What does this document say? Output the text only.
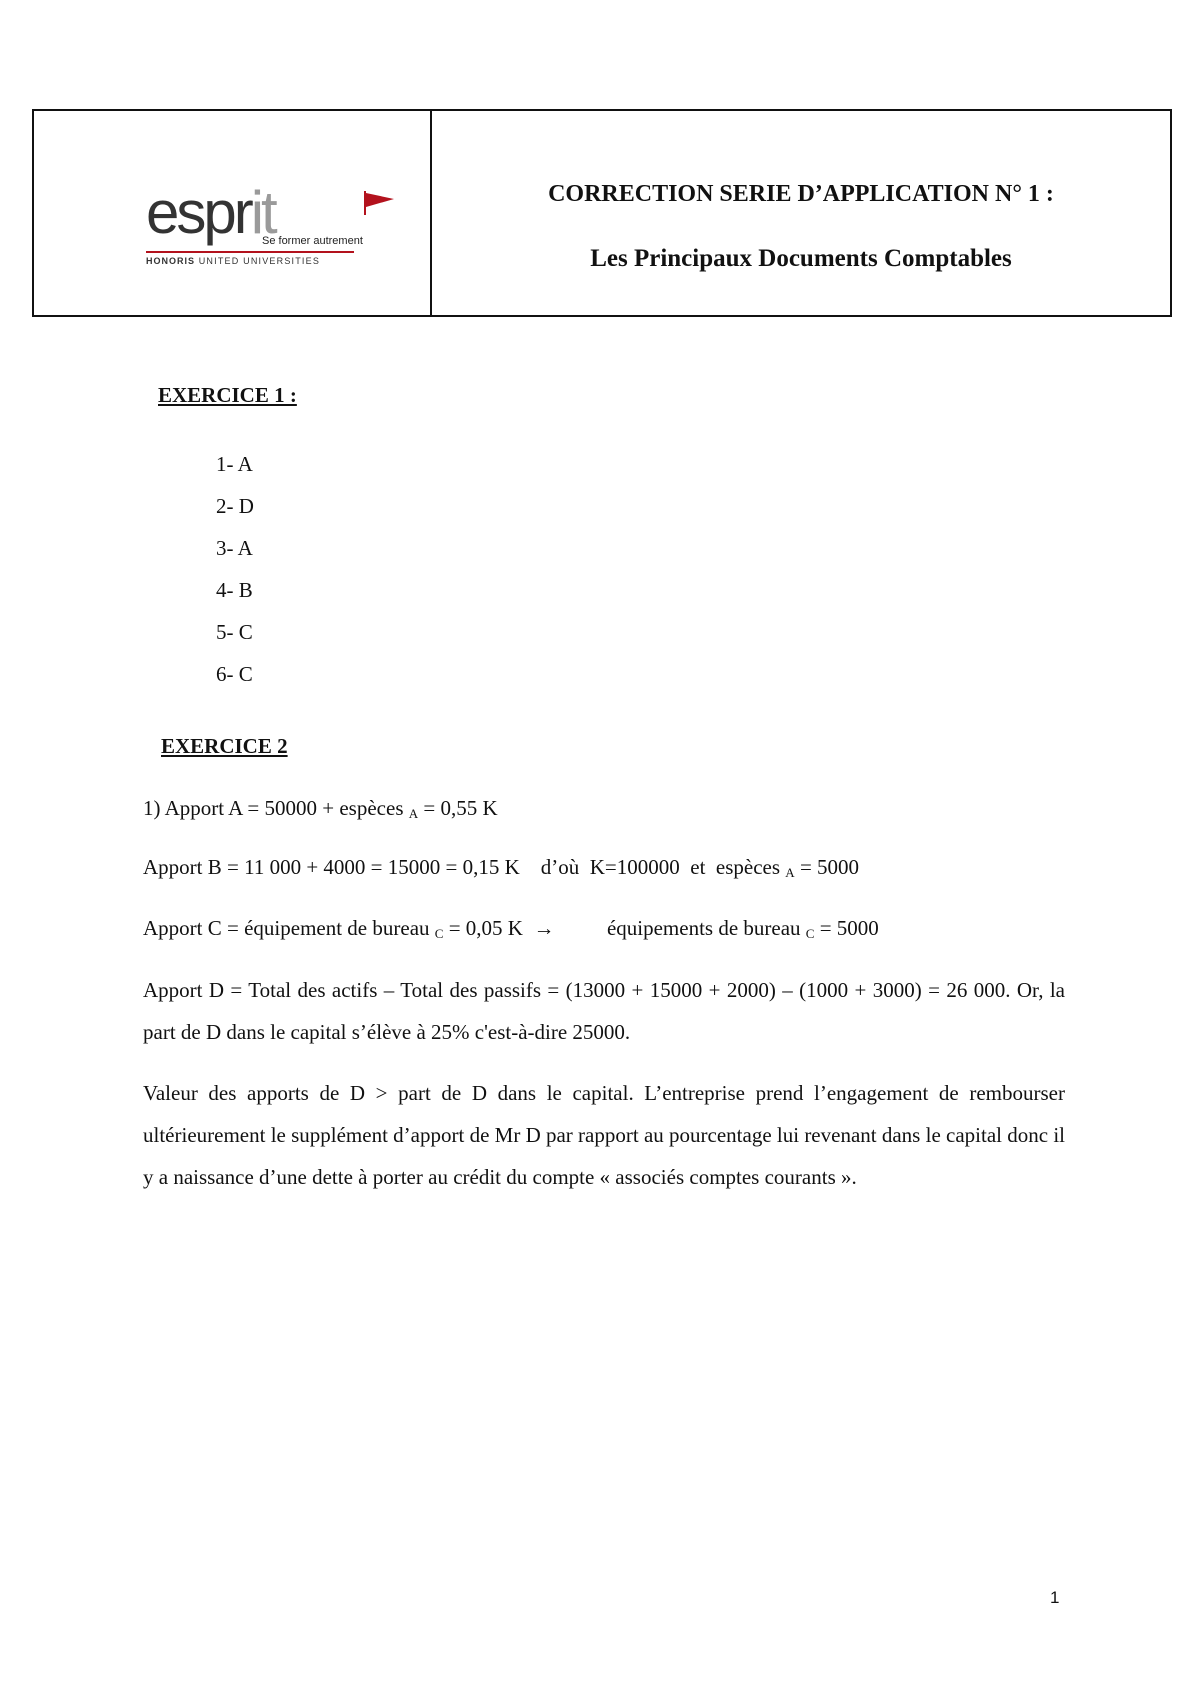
esprit
Se former autrement
HONORIS UNITED UNIVERSITIES
CORRECTION SERIE D’APPLICATION N° 1 :
Les Principaux Documents Comptables
EXERCICE 1 :
1- A
2- D
3- A
4- B
5- C
6- C
EXERCICE 2
1) Apport A = 50000 + espèces $_A$ = 0,55 K
Apport B = 11 000 + 4000 = 15000 = 0,15 K    d’où  K=100000  et  espèces $_A$ = 5000
Apport C = équipement de bureau $_C$ = 0,05 K  →          équipements de bureau $_C$ = 5000
Apport D = Total des actifs – Total des passifs = (13000 + 15000 + 2000) – (1000 + 3000) = 26 000. Or, la part de D dans le capital s’élève à 25% c'est-à-dire 25000.
Valeur des apports de D > part de D dans le capital. L’entreprise prend l’engagement de rembourser ultérieurement le supplément d’apport de Mr D par rapport au pourcentage lui revenant dans le capital donc il y a naissance d’une dette à porter au crédit du compte « associés comptes courants ».
1
